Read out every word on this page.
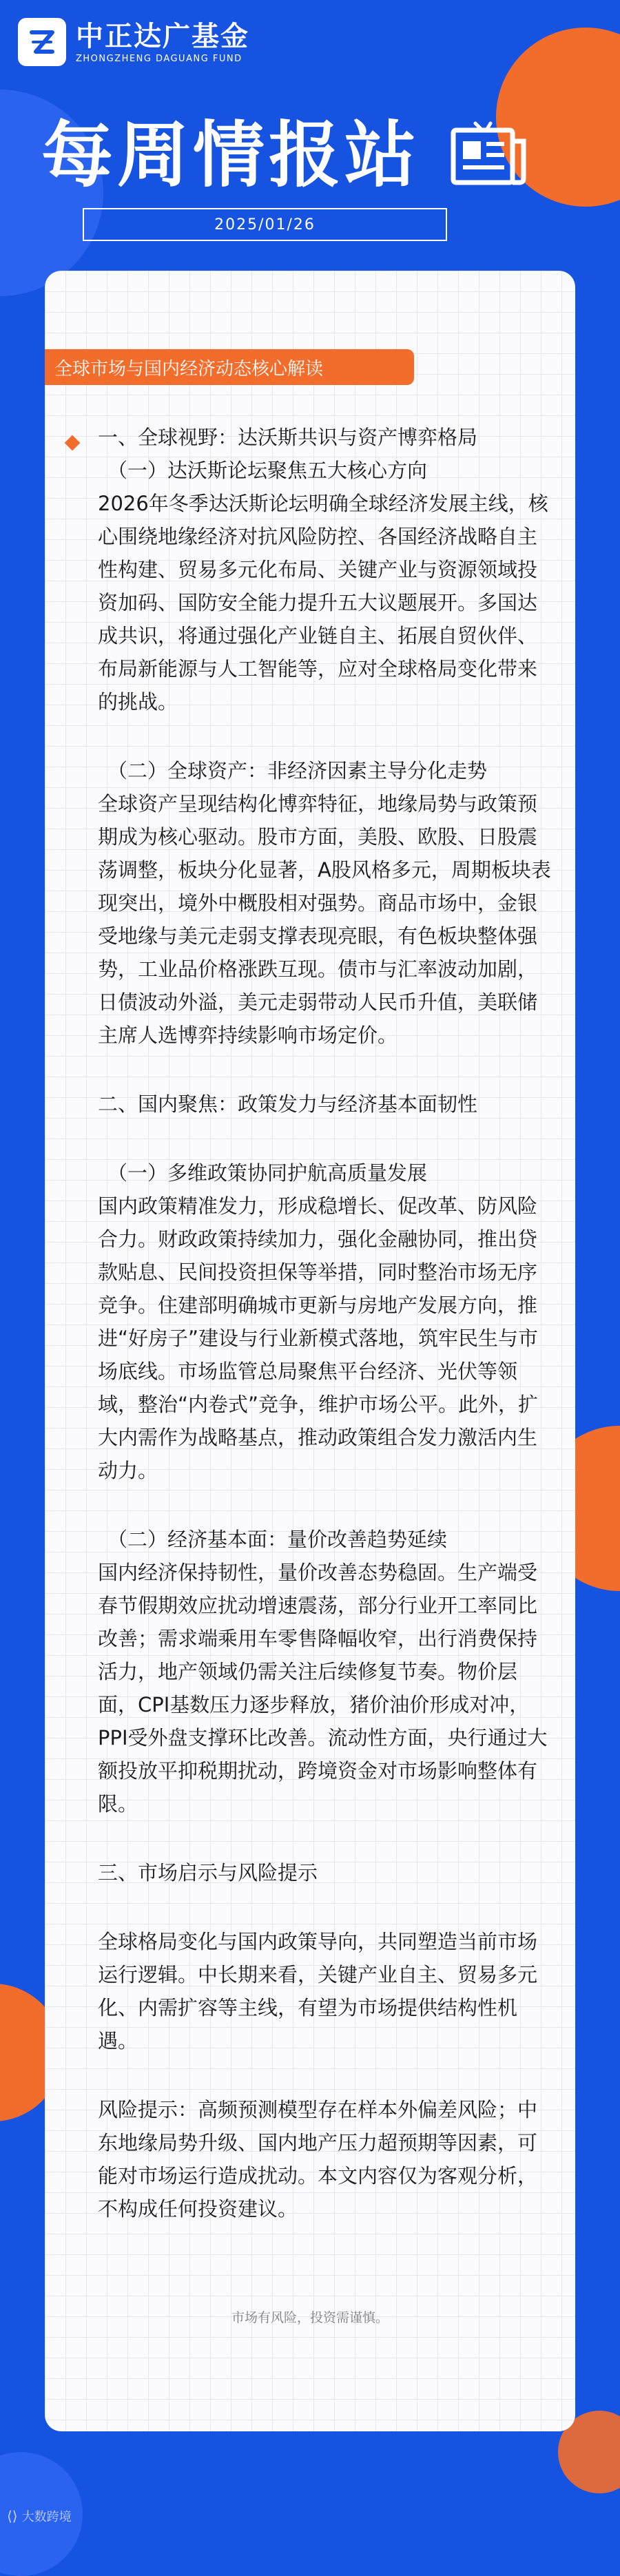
中正达广基金
ZHONGZHENG DAGUANG FUND
每周情报站
2025/01/26
全球市场与国内经济动态核心解读

一、全球视野：达沃斯共识与资产博弈格局

（一）达沃斯论坛聚焦五大核心方向

2026年冬季达沃斯论坛明确全球经济发展主线，核心围绕地缘经济对抗风险防控、各国经济战略自主性构建、贸易多元化布局、关键产业与资源领域投资加码、国防安全能力提升五大议题展开。多国达成共识，将通过强化产业链自主、拓展自贸伙伴、布局新能源与人工智能等，应对全球格局变化带来的挑战。

（二）全球资产：非经济因素主导分化走势

全球资产呈现结构化博弈特征，地缘局势与政策预期成为核心驱动。股市方面，美股、欧股、日股震荡调整，板块分化显著，A股风格多元，周期板块表现突出，境外中概股相对强势。商品市场中，金银受地缘与美元走弱支撑表现亮眼，有色板块整体强势，工业品价格涨跌互现。债市与汇率波动加剧，日债波动外溢，美元走弱带动人民币升值，美联储主席人选博弈持续影响市场定价。

二、国内聚焦：政策发力与经济基本面韧性

（一）多维政策协同护航高质量发展

国内政策精准发力，形成稳增长、促改革、防风险合力。财政政策持续加力，强化金融协同，推出贷款贴息、民间投资担保等举措，同时整治市场无序竞争。住建部明确城市更新与房地产发展方向，推进“好房子”建设与行业新模式落地，筑牢民生与市场底线。市场监管总局聚焦平台经济、光伏等领域，整治“内卷式”竞争，维护市场公平。此外，扩大内需作为战略基点，推动政策组合发力激活内生动力。

（二）经济基本面：量价改善趋势延续

国内经济保持韧性，量价改善态势稳固。生产端受春节假期效应扰动增速震荡，部分行业开工率同比改善；需求端乘用车零售降幅收窄，出行消费保持活力，地产领域仍需关注后续修复节奏。物价层面，CPI基数压力逐步释放，猪价油价形成对冲，PPI受外盘支撑环比改善。流动性方面，央行通过大额投放平抑税期扰动，跨境资金对市场影响整体有限。

三、市场启示与风险提示

全球格局变化与国内政策导向，共同塑造当前市场运行逻辑。中长期来看，关键产业自主、贸易多元化、内需扩容等主线，有望为市场提供结构性机遇。

风险提示：高频预测模型存在样本外偏差风险；中东地缘局势升级、国内地产压力超预期等因素，可能对市场运行造成扰动。本文内容仅为客观分析，不构成任何投资建议。

市场有风险，投资需谨慎。
⟨⟩ 大数跨境
